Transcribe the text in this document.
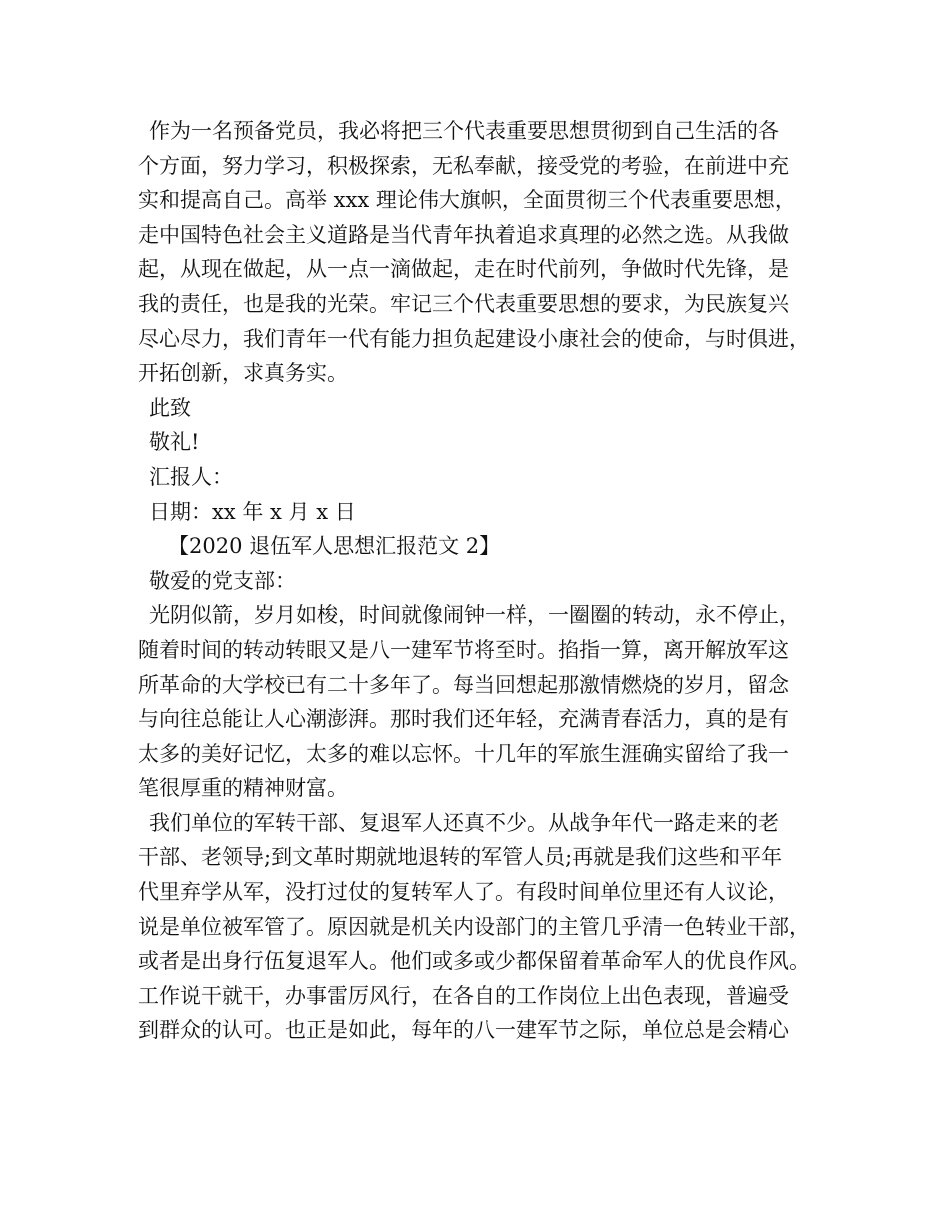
作为一名预备党员，我必将把三个代表重要思想贯彻到自己生活的各
个方面，努力学习，积极探索，无私奉献，接受党的考验，在前进中充
实和提高自己。高举 xxx 理论伟大旗帜，全面贯彻三个代表重要思想，
走中国特色社会主义道路是当代青年执着追求真理的必然之选。从我做
起，从现在做起，从一点一滴做起，走在时代前列，争做时代先锋，是
我的责任，也是我的光荣。牢记三个代表重要思想的要求，为民族复兴
尽心尽力，我们青年一代有能力担负起建设小康社会的使命，与时俱进，
开拓创新，求真务实。
此致
敬礼!
汇报人：
日期：xx 年 x 月 x 日
【2020 退伍军人思想汇报范文 2】
敬爱的党支部：
光阴似箭，岁月如梭，时间就像闹钟一样，一圈圈的转动，永不停止，
随着时间的转动转眼又是八一建军节将至时。掐指一算，离开解放军这
所革命的大学校已有二十多年了。每当回想起那激情燃烧的岁月，留念
与向往总能让人心潮澎湃。那时我们还年轻，充满青春活力，真的是有
太多的美好记忆，太多的难以忘怀。十几年的军旅生涯确实留给了我一
笔很厚重的精神财富。
我们单位的军转干部、复退军人还真不少。从战争年代一路走来的老
干部、老领导;到文革时期就地退转的军管人员;再就是我们这些和平年
代里弃学从军，没打过仗的复转军人了。有段时间单位里还有人议论，
说是单位被军管了。原因就是机关内设部门的主管几乎清一色转业干部，
或者是出身行伍复退军人。他们或多或少都保留着革命军人的优良作风。
工作说干就干，办事雷厉风行，在各自的工作岗位上出色表现，普遍受
到群众的认可。也正是如此，每年的八一建军节之际，单位总是会精心
